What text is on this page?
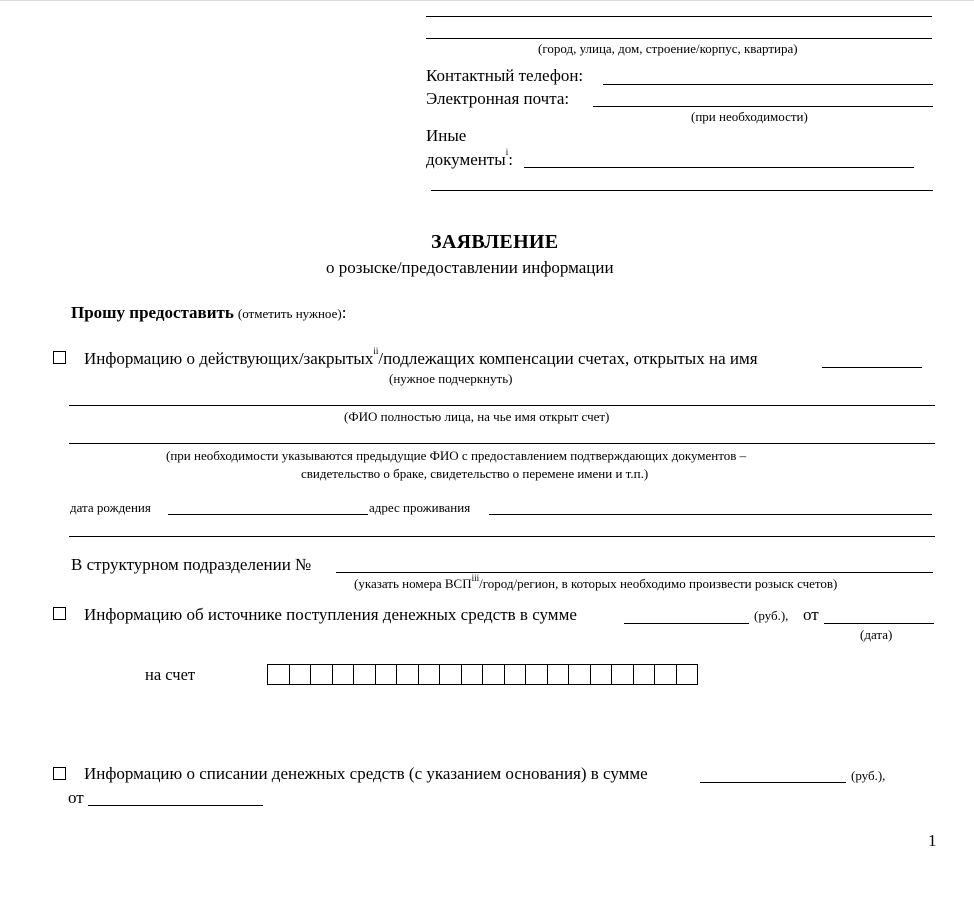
(город, улица, дом, строение/корпус, квартира)
Контактный телефон:
Электронная почта:
(при необходимости)
Иные
документы$^i$:
ЗАЯВЛЕНИЕ
о розыске/предоставлении информации
Прошу предоставить (отметить нужное):
Информацию о действующих/закрытых$^{ii}$/подлежащих компенсации счетах, открытых на имя
(нужное подчеркнуть)
(ФИО полностью лица, на чье имя открыт счет)
(при необходимости указываются предыдущие ФИО с предоставлением подтверждающих документов –
свидетельство о браке, свидетельство о перемене имени и т.п.)
дата рождения	адрес проживания
В структурном подразделении №
(указать номера ВСП$^{iii}$/город/регион, в которых необходимо произвести розыск счетов)
Информацию об источнике поступления денежных средств в сумме	(руб.), от
(дата)
на счет
Информацию о списании денежных средств (с указанием основания) в сумме	(руб.),
от
1
